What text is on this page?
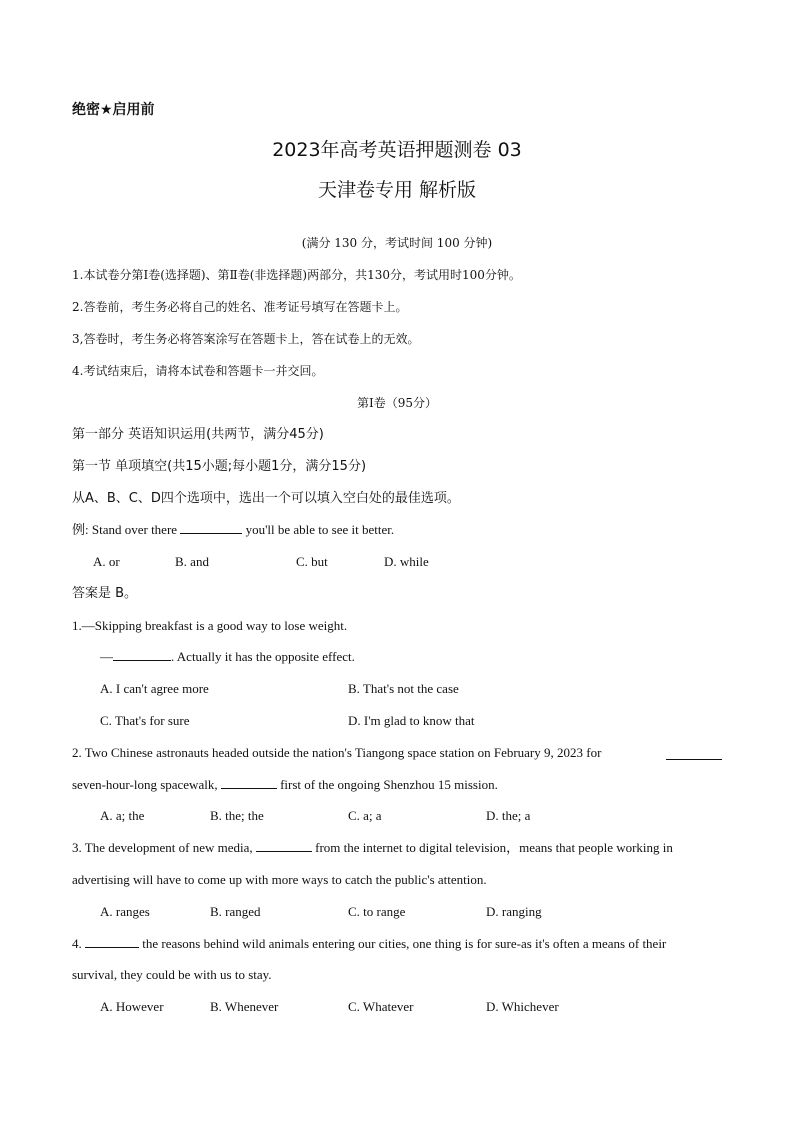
绝密★启用前
2023年高考英语押题测卷 03
天津卷专用 解析版
(满分 130 分，考试时间 100 分钟)
1.本试卷分第Ⅰ卷(选择题)、第Ⅱ卷(非选择题)两部分，共130分，考试用时100分钟。
2.答卷前，考生务必将自己的姓名、准考证号填写在答题卡上。
3,答卷时，考生务必将答案涂写在答题卡上，答在试卷上的无效。
4.考试结束后，请将本试卷和答题卡一并交回。
第Ⅰ卷（95分）
第一部分 英语知识运用(共两节，满分45分)
第一节 单项填空(共15小题;每小题1分，满分15分)
从A、B、C、D四个选项中，选出一个可以填入空白处的最佳选项。
例: Stand over there	you'll be able to see it better.
A. or	B. and	C. but	D. while
答案是 B。
1.—Skipping breakfast is a good way to lose weight.
—	. Actually it has the opposite effect.
A. I can't agree more	B. That's not the case
C. That's for sure	D. I'm glad to know that
2. Two Chinese astronauts headed outside the nation's Tiangong space station on February 9, 2023 for
seven-hour-long spacewalk,	first of the ongoing Shenzhou 15 mission.
A. a; the	B. the; the	C. a; a	D. the; a
3. The development of new media,	from the internet to digital television，means that people working in
advertising will have to come up with more ways to catch the public's attention.
A. ranges	B. ranged	C. to range	D. ranging
4.	the reasons behind wild animals entering our cities, one thing is for sure-as it's often a means of their
survival, they could be with us to stay.
A. However	B. Whenever	C. Whatever	D. Whichever
